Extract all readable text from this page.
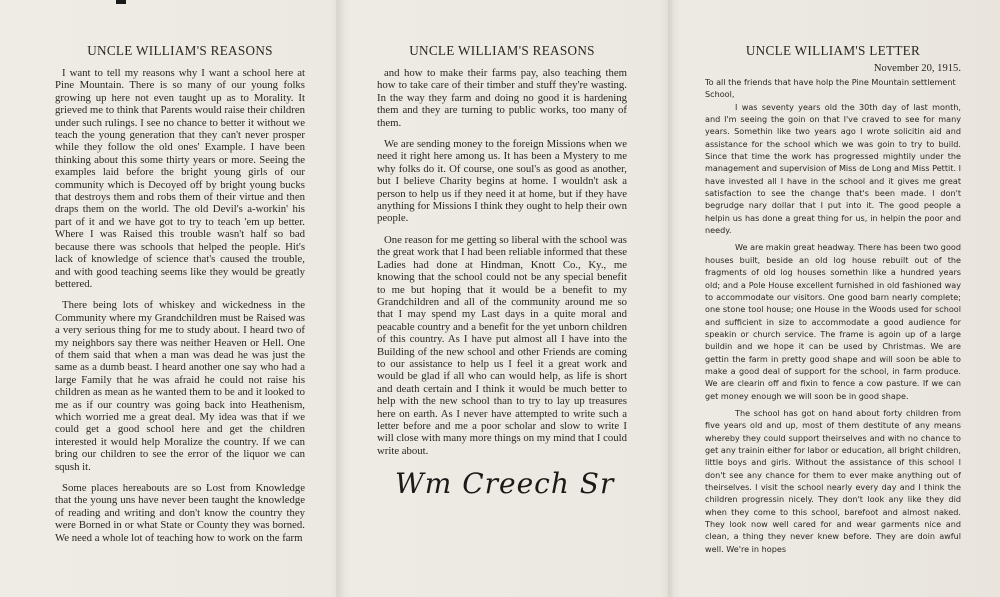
UNCLE WILLIAM'S REASONS

I want to tell my reasons why I want a school here at Pine Mountain. There is so many of our young folks growing up here not even taught up as to Morality. It grieved me to think that Parents would raise their children under such rulings. I see no chance to better it without we teach the young generation that they can't never prosper while they follow the old ones' Example. I have been thinking about this some thirty years or more. Seeing the examples laid before the bright young girls of our community which is Decoyed off by bright young bucks that destroys them and robs them of their virtue and then draps them on the world. The old Devil's a-workin' his part of it and we have got to try to teach 'em up better. Where I was Raised this trouble wasn't half so bad because there was schools that helped the people. Hit's lack of knowledge of science that's caused the trouble, and with good teaching seems like they would be greatly bettered.

There being lots of whiskey and wickedness in the Community where my Grandchildren must be Raised was a very serious thing for me to study about. I heard two of my neighbors say there was neither Heaven or Hell. One of them said that when a man was dead he was just the same as a dumb beast. I heard another one say who had a large Family that he was afraid he could not raise his children as mean as he wanted them to be and it looked to me as if our country was going back into Heathenism, which worried me a great deal. My idea was that if we could get a good school here and get the children interested it would help Moralize the country. If we can bring our children to see the error of the liquor we can sqush it.

Some places hereabouts are so Lost from Knowledge that the young uns have never been taught the knowledge of reading and writing and don't know the country they were Borned in or what State or County they was borned. We need a whole lot of teaching how to work on the farm

UNCLE WILLIAM'S REASONS

and how to make their farms pay, also teaching them how to take care of their timber and stuff they're wasting. In the way they farm and doing no good it is hardening them and they are turning to public works, too many of them.

We are sending money to the foreign Missions when we need it right here among us. It has been a Mystery to me why folks do it. Of course, one soul's as good as another, but I believe Charity begins at home. I wouldn't ask a person to help us if they need it at home, but if they have anything for Missions I think they ought to help their own people.

One reason for me getting so liberal with the school was the great work that I had been reliable informed that these Ladies had done at Hindman, Knott Co., Ky., me knowing that the school could not be any special benefit to me but hoping that it would be a benefit to my Grandchildren and all of the community around me so that I may spend my Last days in a quite moral and peacable country and a benefit for the yet unborn children of this country. As I have put almost all I have into the Building of the new school and other Friends are coming to our assistance to help us I feel it a great work and would be glad if all who can would help, as life is short and death certain and I think it would be much better to help with the new school than to try to lay up treasures here on earth. As I never have attempted to write such a letter before and me a poor scholar and slow to write I will close with many more things on my mind that I could write about.

Wm Creech Sr
UNCLE WILLIAM'S LETTER
November 20, 1915.

To all the friends that have holp the Pine Mountain settlement School,

I was seventy years old the 30th day of last month, and I'm seeing the goin on that I've craved to see for many years. Somethin like two years ago I wrote solicitin aid and assistance for the school which we was goin to try to build. Since that time the work has progressed mightily under the management and supervision of Miss de Long and Miss Pettit. I have invested all I have in the school and it gives me great satisfaction to see the change that's been made. I don't begrudge nary dollar that I put into it. The good people a helpin us has done a great thing for us, in helpin the poor and needy.

We are makin great headway. There has been two good houses built, beside an old log house rebuilt out of the fragments of old log houses somethin like a hundred years old; and a Pole House excellent furnished in old fashioned way to accommodate our visitors. One good barn nearly complete; one stone tool house; one House in the Woods used for school and sufficient in size to accommodate a good audience for speakin or church service. The frame is agoin up of a large buildin and we hope it can be used by Christmas. We are gettin the farm in pretty good shape and will soon be able to make a good deal of support for the school, in farm produce. We are clearin off and fixin to fence a cow pasture. If we can get money enough we will soon be in good shape.

The school has got on hand about forty children from five years old and up, most of them destitute of any means whereby they could support theirselves and with no chance to get any trainin either for labor or education, all bright children, little boys and girls. Without the assistance of this school I don't see any chance for them to ever make anything out of theirselves. I visit the school nearly every day and I think the children progressin nicely. They don't look any like they did when they come to this school, barefoot and almost naked. They look now well cared for and wear garments nice and clean, a thing they never knew before. They are doin awful well. We're in hopes
